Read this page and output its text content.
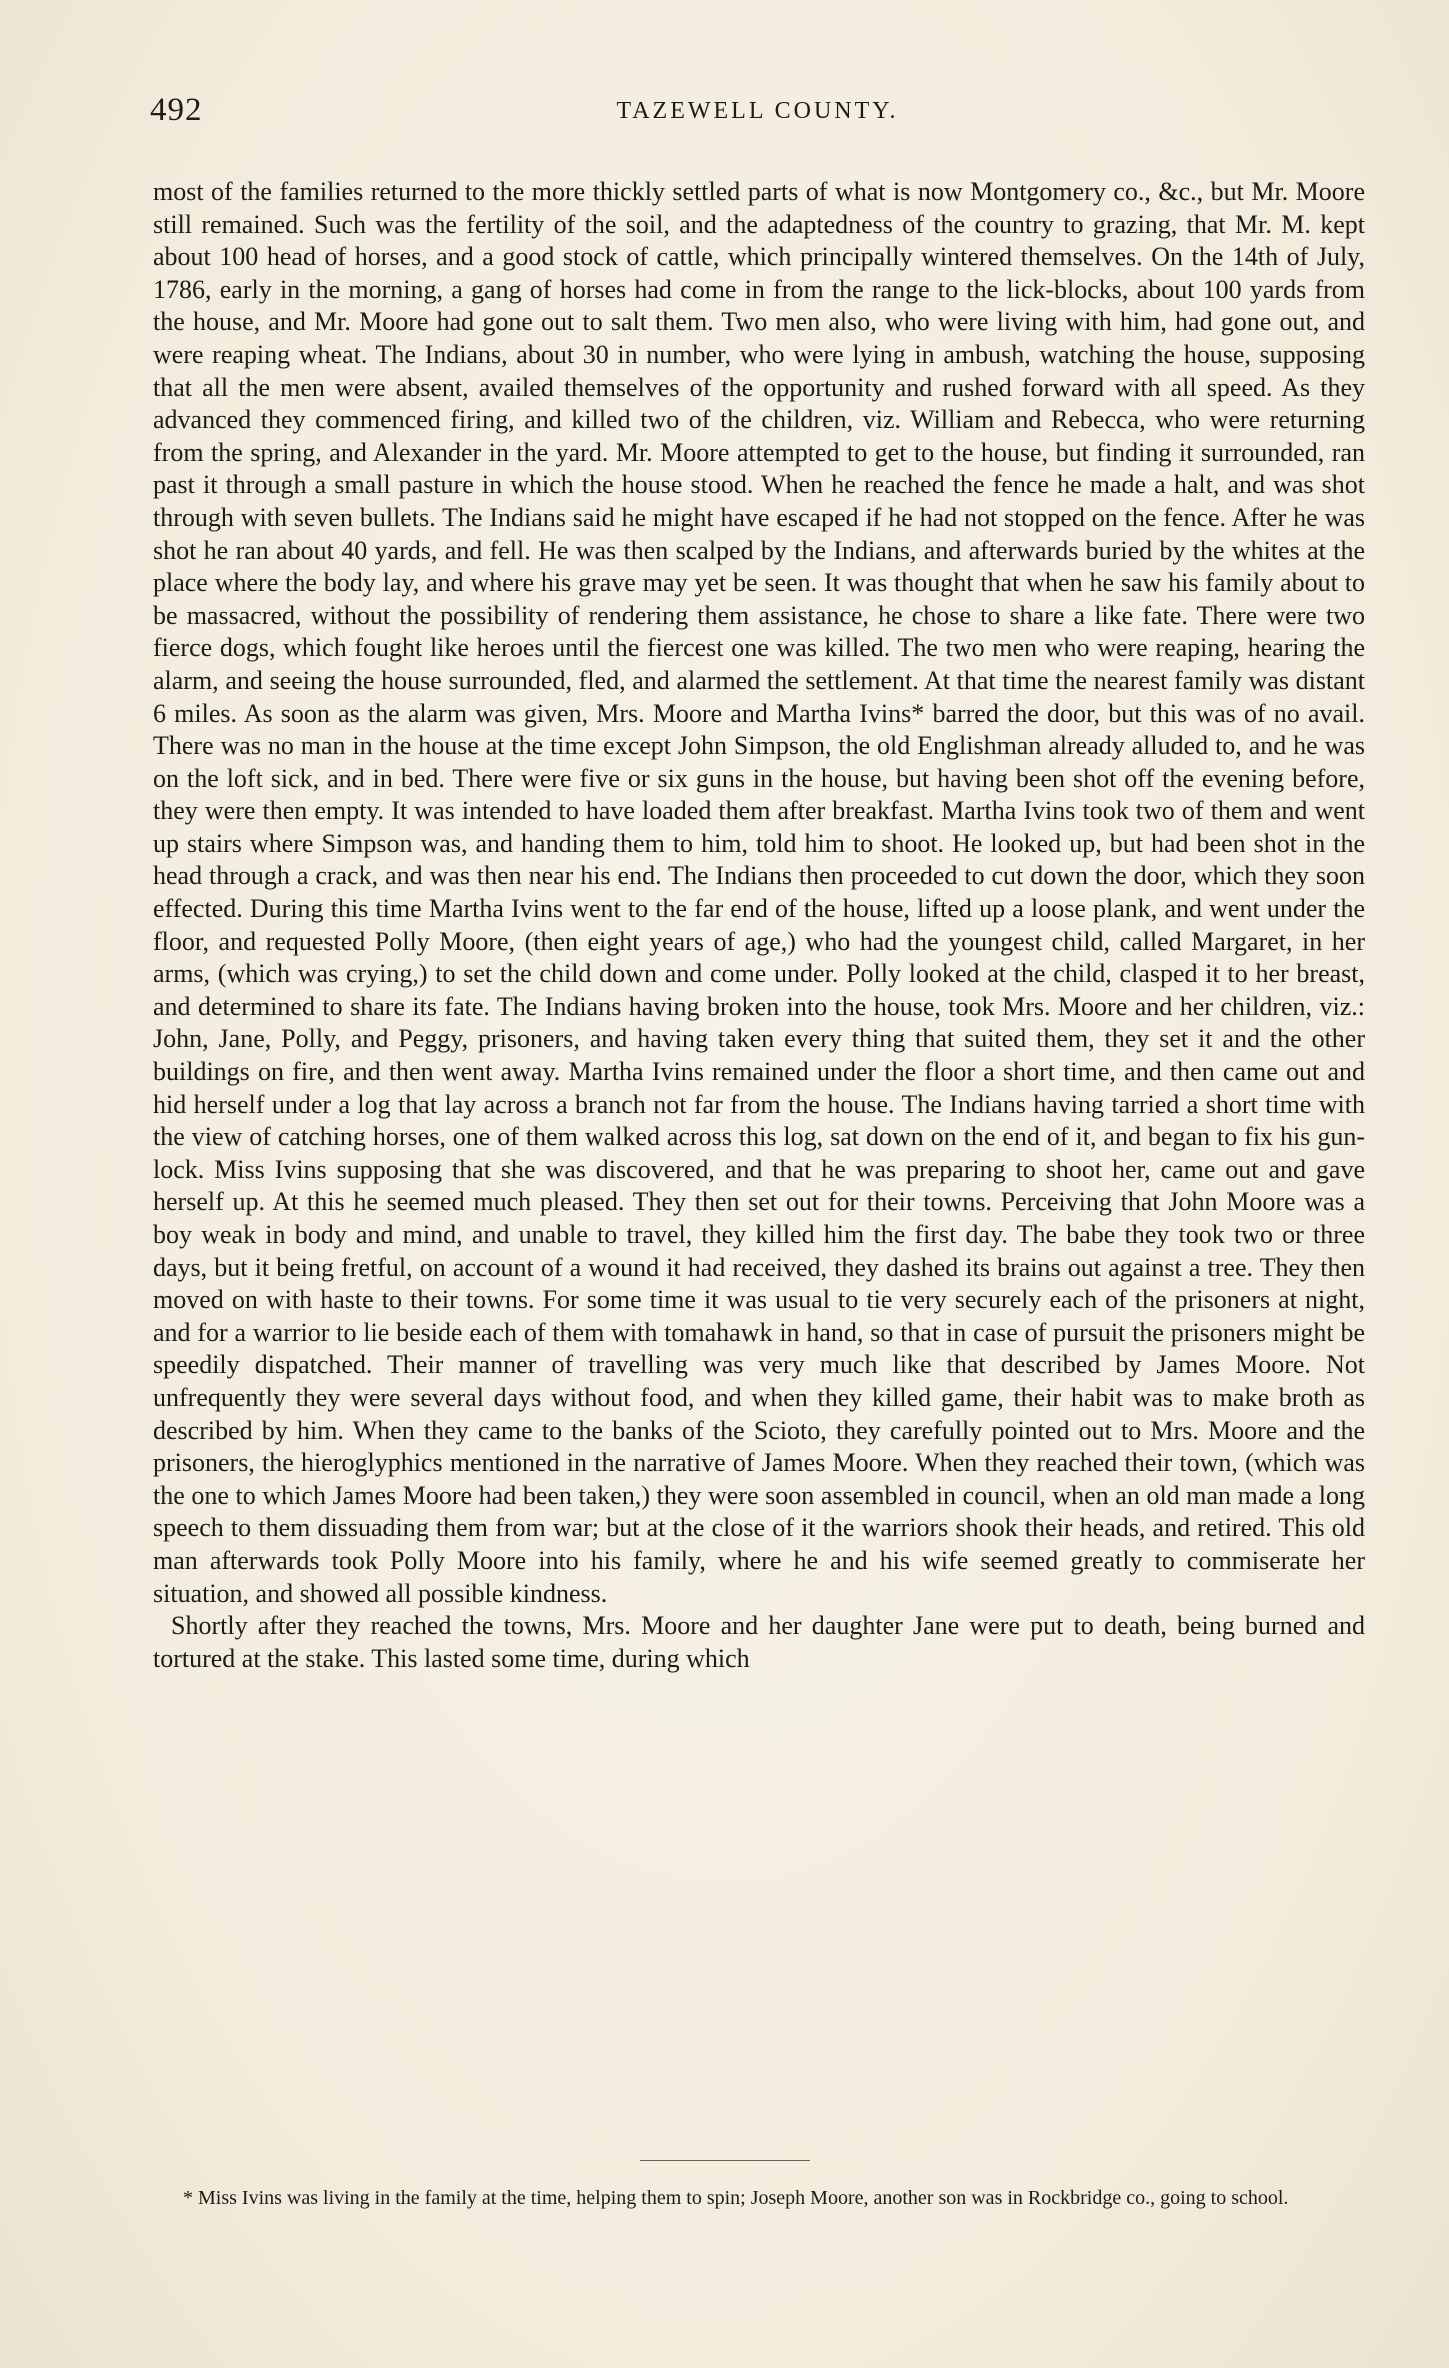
492	TAZEWELL COUNTY.

most of the families returned to the more thickly settled parts of what is now Montgomery co., &c., but Mr. Moore still remained. Such was the fertility of the soil, and the adaptedness of the country to grazing, that Mr. M. kept about 100 head of horses, and a good stock of cattle, which principally wintered themselves. On the 14th of July, 1786, early in the morning, a gang of horses had come in from the range to the lick-blocks, about 100 yards from the house, and Mr. Moore had gone out to salt them. Two men also, who were living with him, had gone out, and were reaping wheat. The Indians, about 30 in number, who were lying in ambush, watching the house, supposing that all the men were absent, availed themselves of the opportunity and rushed forward with all speed. As they advanced they commenced firing, and killed two of the children, viz. William and Rebecca, who were returning from the spring, and Alexander in the yard. Mr. Moore attempted to get to the house, but finding it surrounded, ran past it through a small pasture in which the house stood. When he reached the fence he made a halt, and was shot through with seven bullets. The Indians said he might have escaped if he had not stopped on the fence. After he was shot he ran about 40 yards, and fell. He was then scalped by the Indians, and afterwards buried by the whites at the place where the body lay, and where his grave may yet be seen. It was thought that when he saw his family about to be massacred, without the possibility of rendering them assistance, he chose to share a like fate. There were two fierce dogs, which fought like heroes until the fiercest one was killed. The two men who were reaping, hearing the alarm, and seeing the house surrounded, fled, and alarmed the settlement. At that time the nearest family was distant 6 miles. As soon as the alarm was given, Mrs. Moore and Martha Ivins* barred the door, but this was of no avail. There was no man in the house at the time except John Simpson, the old Englishman already alluded to, and he was on the loft sick, and in bed. There were five or six guns in the house, but having been shot off the evening before, they were then empty. It was intended to have loaded them after breakfast. Martha Ivins took two of them and went up stairs where Simpson was, and handing them to him, told him to shoot. He looked up, but had been shot in the head through a crack, and was then near his end. The Indians then proceeded to cut down the door, which they soon effected. During this time Martha Ivins went to the far end of the house, lifted up a loose plank, and went under the floor, and requested Polly Moore, (then eight years of age,) who had the youngest child, called Margaret, in her arms, (which was crying,) to set the child down and come under. Polly looked at the child, clasped it to her breast, and determined to share its fate. The Indians having broken into the house, took Mrs. Moore and her children, viz.: John, Jane, Polly, and Peggy, prisoners, and having taken every thing that suited them, they set it and the other buildings on fire, and then went away. Martha Ivins remained under the floor a short time, and then came out and hid herself under a log that lay across a branch not far from the house. The Indians having tarried a short time with the view of catching horses, one of them walked across this log, sat down on the end of it, and began to fix his gun-lock. Miss Ivins supposing that she was discovered, and that he was preparing to shoot her, came out and gave herself up. At this he seemed much pleased. They then set out for their towns. Perceiving that John Moore was a boy weak in body and mind, and unable to travel, they killed him the first day. The babe they took two or three days, but it being fretful, on account of a wound it had received, they dashed its brains out against a tree. They then moved on with haste to their towns. For some time it was usual to tie very securely each of the prisoners at night, and for a warrior to lie beside each of them with tomahawk in hand, so that in case of pursuit the prisoners might be speedily dispatched. Their manner of travelling was very much like that described by James Moore. Not unfrequently they were several days without food, and when they killed game, their habit was to make broth as described by him. When they came to the banks of the Scioto, they carefully pointed out to Mrs. Moore and the prisoners, the hieroglyphics mentioned in the narrative of James Moore. When they reached their town, (which was the one to which James Moore had been taken,) they were soon assembled in council, when an old man made a long speech to them dissuading them from war; but at the close of it the warriors shook their heads, and retired. This old man afterwards took Polly Moore into his family, where he and his wife seemed greatly to commiserate her situation, and showed all possible kindness.

Shortly after they reached the towns, Mrs. Moore and her daughter Jane were put to death, being burned and tortured at the stake. This lasted some time, during which

* Miss Ivins was living in the family at the time, helping them to spin; Joseph Moore, another son was in Rockbridge co., going to school.
